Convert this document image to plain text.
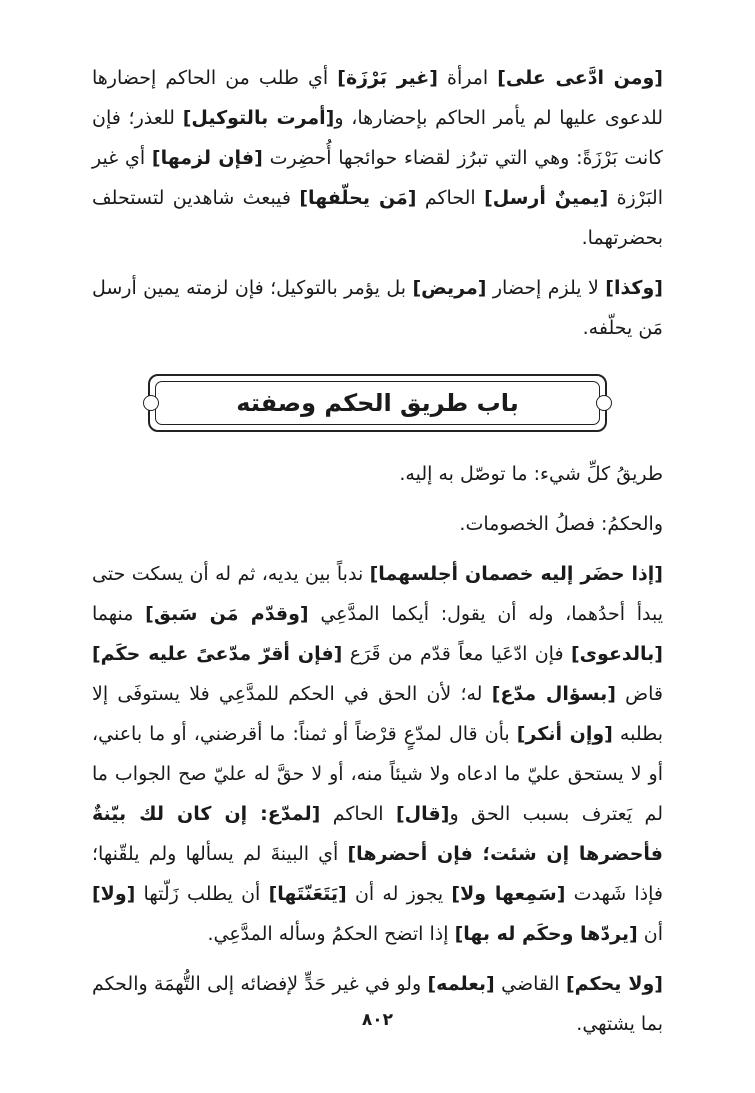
[ومن ادَّعى على] امرأة [غير بَرْزَة] أي طلب من الحاكم إحضارها للدعوى عليها لم يأمر الحاكم بإحضارها، و[أمرت بالتوكيل] للعذر؛ فإن كانت بَرْزَةً: وهي التي تبرُز لقضاء حوائجها أُحضِرت [فإن لزمها] أي غير البَرْزة [يمينٌ أرسل] الحاكم [مَن يحلّفها] فيبعث شاهدين لتستحلف بحضرتهما.

[وكذا] لا يلزم إحضار [مريض] بل يؤمر بالتوكيل؛ فإن لزمته يمين أرسل مَن يحلّفه.

باب طريق الحكم وصفته

طريقُ كلِّ شيء: ما توصّل به إليه.

والحكمُ: فصلُ الخصومات.

[إذا حضَر إليه خصمان أجلسهما] ندباً بين يديه، ثم له أن يسكت حتى يبدأ أحدُهما، وله أن يقول: أيكما المدَّعِي [وقدّم مَن سَبق] منهما [بالدعوى] فإن ادّعَيا معاً قدّم من قَرَع [فإن أقرّ مدّعىً عليه حكَم] قاض [بسؤال مدّع] له؛ لأن الحق في الحكم للمدَّعِي فلا يستوفَى إلا بطلبه [وإن أنكر] بأن قال لمدّعٍ قرْضاً أو ثمناً: ما أقرضني، أو ما باعني، أو لا يستحق عليّ ما ادعاه ولا شيئاً منه، أو لا حقَّ له عليّ صح الجواب ما لم يَعترف بسبب الحق و[قال] الحاكم [لمدّع: إن كان لك بيّنةٌ فأحضرها إن شئت؛ فإن أحضرها] أي البينةَ لم يسألها ولم يلقّنها؛ فإذا شَهدت [سَمِعها ولا] يجوز له أن [يَتَعَنّتَها] أن يطلب زَلّتها [ولا] أن [يردّها وحكَم له بها] إذا اتضح الحكمُ وسأله المدَّعِي.

[ولا يحكم] القاضي [بعلمه] ولو في غير حَدٍّ لإفضائه إلى التُّهمَة والحكم بما يشتهي.

٨٠٢
